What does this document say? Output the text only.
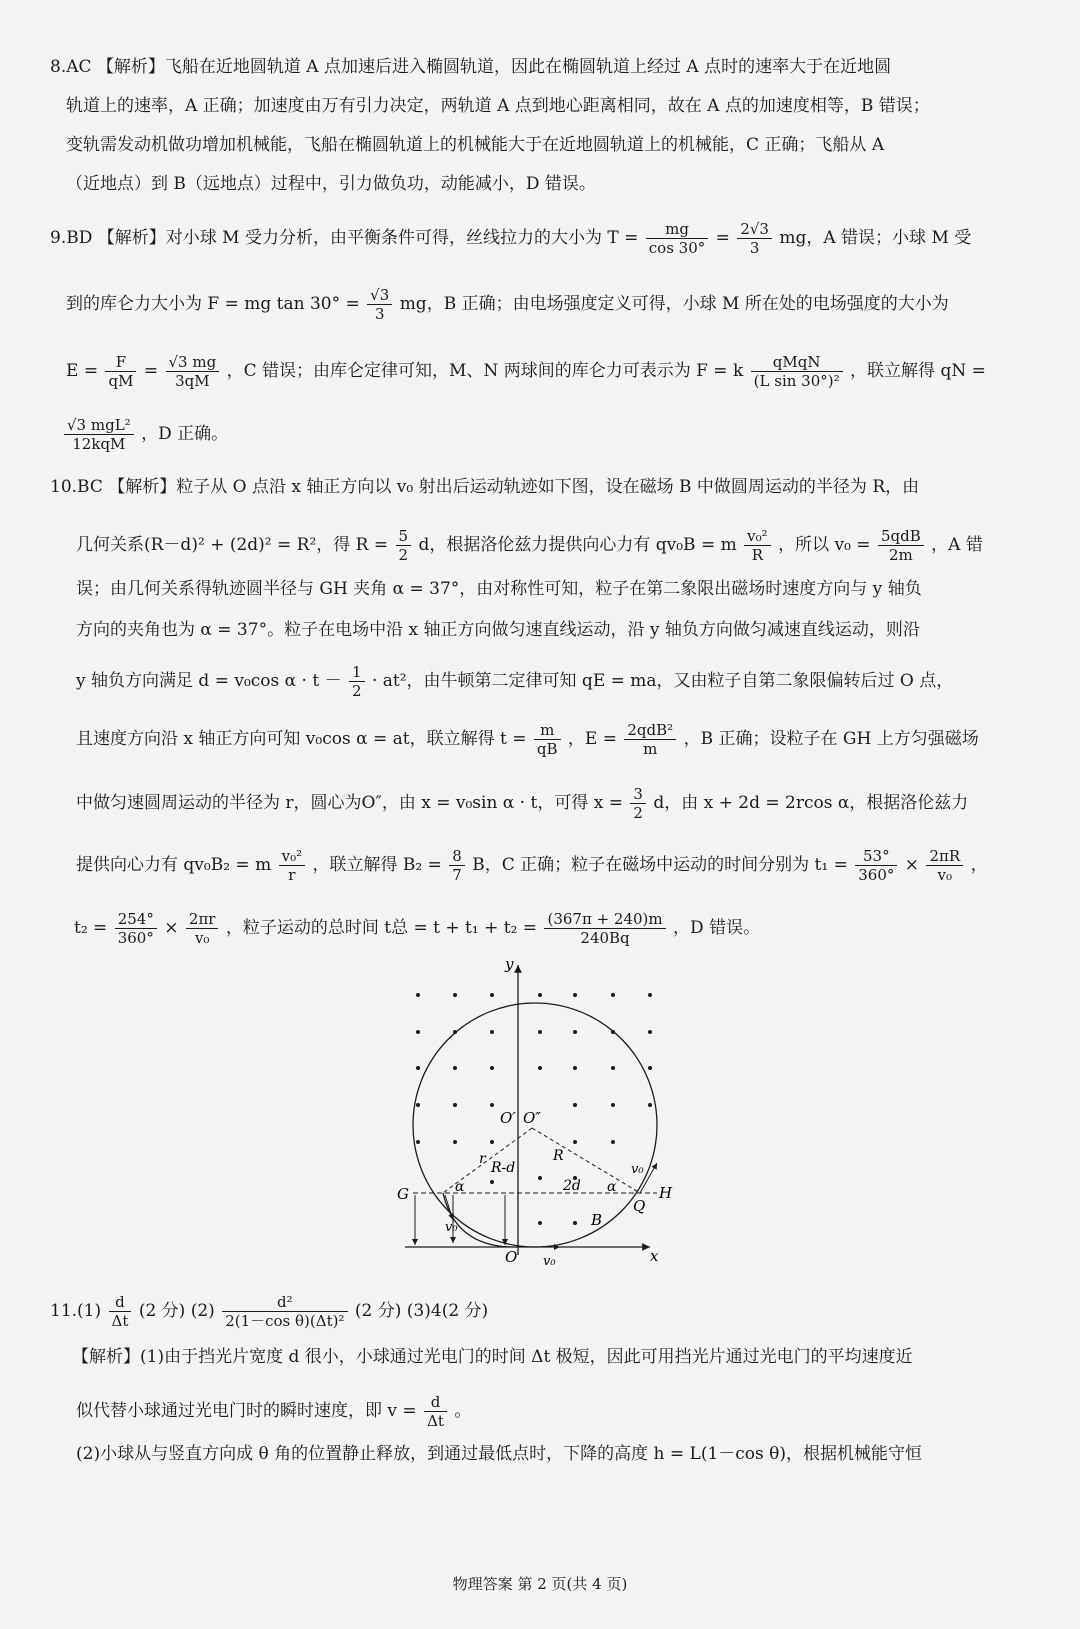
8.AC 【解析】飞船在近地圆轨道 A 点加速后进入椭圆轨道，因此在椭圆轨道上经过 A 点时的速率大于在近地圆
轨道上的速率，A 正确；加速度由万有引力决定，两轨道 A 点到地心距离相同，故在 A 点的加速度相等，B 错误；
变轨需发动机做功增加机械能，飞船在椭圆轨道上的机械能大于在近地圆轨道上的机械能，C 正确；飞船从 A
（近地点）到 B（远地点）过程中，引力做负功，动能减小，D 错误。
9.BD 【解析】对小球 M 受力分析，由平衡条件可得，丝线拉力的大小为 $T = \frac{mg}{\cos 30^\circ} = \frac{2√3}{3}$ mg，A 错误；小球 M 受
到的库仑力大小为 F = mg $\tan 30^\circ = \frac{√3}{3}$ mg，B 正确；由电场强度定义可得，小球 M 所在处的电场强度的大小为
$E = \frac{F}{qM} = \frac{√3 mg}{3qM}$ ，C 错误；由库仑定律可知，M、N 两球间的库仑力可表示为 F = k $\frac{\text{qMqN}}{\text{(L sin 30°)²}}$ ，联立解得 qN =
$\frac{\text{√3 mgL²}}{\text{12kqM}}$ ，D 正确。
10.BC 【解析】粒子从 O 点沿 x 轴正方向以 v₀ 射出后运动轨迹如下图，设在磁场 B 中做圆周运动的半径为 R，由
几何关系(R－d)² + (2d)² = R²，得 $R = \frac{5}{2}$ d，根据洛伦兹力提供向心力有 qv₀B = m $\frac{\text{v₀²}}{R}$ ，所以 $v_0 = \frac{\text{5qdB}}{2m}$ ，A 错
误；由几何关系得轨迹圆半径与 GH 夹角 α = 37°，由对称性可知，粒子在第二象限出磁场时速度方向与 y 轴负
方向的夹角也为 α = 37°。粒子在电场中沿 x 轴正方向做匀速直线运动，沿 y 轴负方向做匀减速直线运动，则沿
y 轴负方向满足 d = v₀cos $\alpha \cdot t - \frac{1}{2} \cdot at^2$，由牛顿第二定律可知 qE = ma，又由粒子自第二象限偏转后过 O 点，
且速度方向沿 x 轴正方向可知 v₀cos α = at，联立解得 $t = \frac{m}{qB}$ ，$E = \frac{\text{2qdB²}}{m}$ ，B 正确；设粒子在 GH 上方匀强磁场
中做匀速圆周运动的半径为 r，圆心为O″，由 x = v₀sin α · t，可得 $x = \frac{3}{2}$ d，由 x + 2d = 2rcos α，根据洛伦兹力
提供向心力有 qv₀B₂ = m $\frac{\text{v₀²}}{r}$ ，联立解得 $B_2 = \frac{8}{7}$ B，C 正确；粒子在磁场中运动的时间分别为 $t_1 = \frac{53^\circ}{360^\circ} \times \frac{2\pi R}{\text{v₀}}$ ，
$t_2 = \frac{254^\circ}{360^\circ} \times \frac{2\pi r}{\text{v₀}}$ ，粒子运动的总时间 t总 = $t + t_1 + t_2 = \frac{(367\pi + 240)m}{240Bq}$ ，D 错误。
y
x
O
O′ O″
G	H
Q
B
r
R-d
R
2d
α	α
v₀
v₀
v₀
$11.(1) \frac{d}{\Delta t} (2$ 分) $(2) \frac{\text{d²}}{\text{2(1－cos θ)(Δt)²}} (2$ 分) (3)4(2 分)
【解析】(1)由于挡光片宽度 d 很小，小球通过光电门的时间 Δt 极短，因此可用挡光片通过光电门的平均速度近
似代替小球通过光电门时的瞬时速度，即 $v = \frac{d}{\Delta t}$ 。
(2)小球从与竖直方向成 θ 角的位置静止释放，到通过最低点时，下降的高度 h = L(1－cos θ)，根据机械能守恒
物理答案 第 2 页(共 4 页)
